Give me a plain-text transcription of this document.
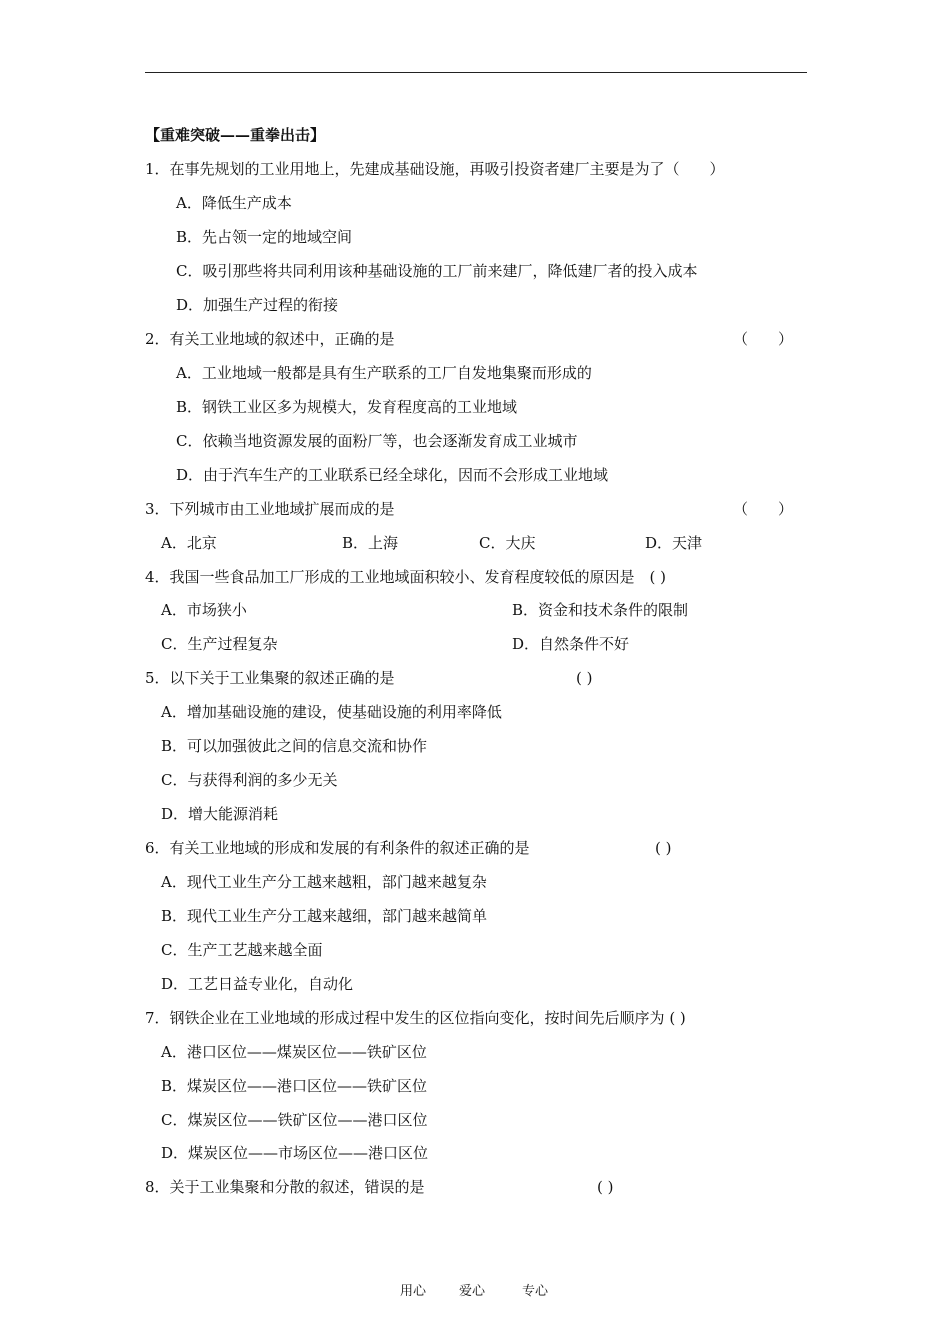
【重难突破——重拳出击】
1．在事先规划的工业用地上，先建成基础设施，再吸引投资者建厂主要是为了（　　）
A．降低生产成本
B．先占领一定的地域空间
C．吸引那些将共同利用该种基础设施的工厂前来建厂，降低建厂者的投入成本
D．加强生产过程的衔接
2．有关工业地域的叙述中，正确的是	（　　）
A．工业地域一般都是具有生产联系的工厂自发地集聚而形成的
B．钢铁工业区多为规模大，发育程度高的工业地域
C．依赖当地资源发展的面粉厂等，也会逐渐发育成工业城市
D．由于汽车生产的工业联系已经全球化，因而不会形成工业地域
3．下列城市由工业地域扩展而成的是	（　　）
A．北京	B．上海	C．大庆	D．天津
4．我国一些食品加工厂形成的工业地域面积较小、发育程度较低的原因是　( )
A．市场狭小	B．资金和技术条件的限制
C．生产过程复杂	D．自然条件不好
5．以下关于工业集聚的叙述正确的是	( )
A．增加基础设施的建设，使基础设施的利用率降低
B．可以加强彼此之间的信息交流和协作
C．与获得利润的多少无关
D．增大能源消耗
6．有关工业地域的形成和发展的有利条件的叙述正确的是	( )
A．现代工业生产分工越来越粗，部门越来越复杂
B．现代工业生产分工越来越细，部门越来越简单
C．生产工艺越来越全面
D．工艺日益专业化，自动化
7．钢铁企业在工业地域的形成过程中发生的区位指向变化，按时间先后顺序为 ( )
A．港口区位——煤炭区位——铁矿区位
B．煤炭区位——港口区位——铁矿区位
C．煤炭区位——铁矿区位——港口区位
D．煤炭区位——市场区位——港口区位
8．关于工业集聚和分散的叙述，错误的是	( )
用心	爱心	专心
